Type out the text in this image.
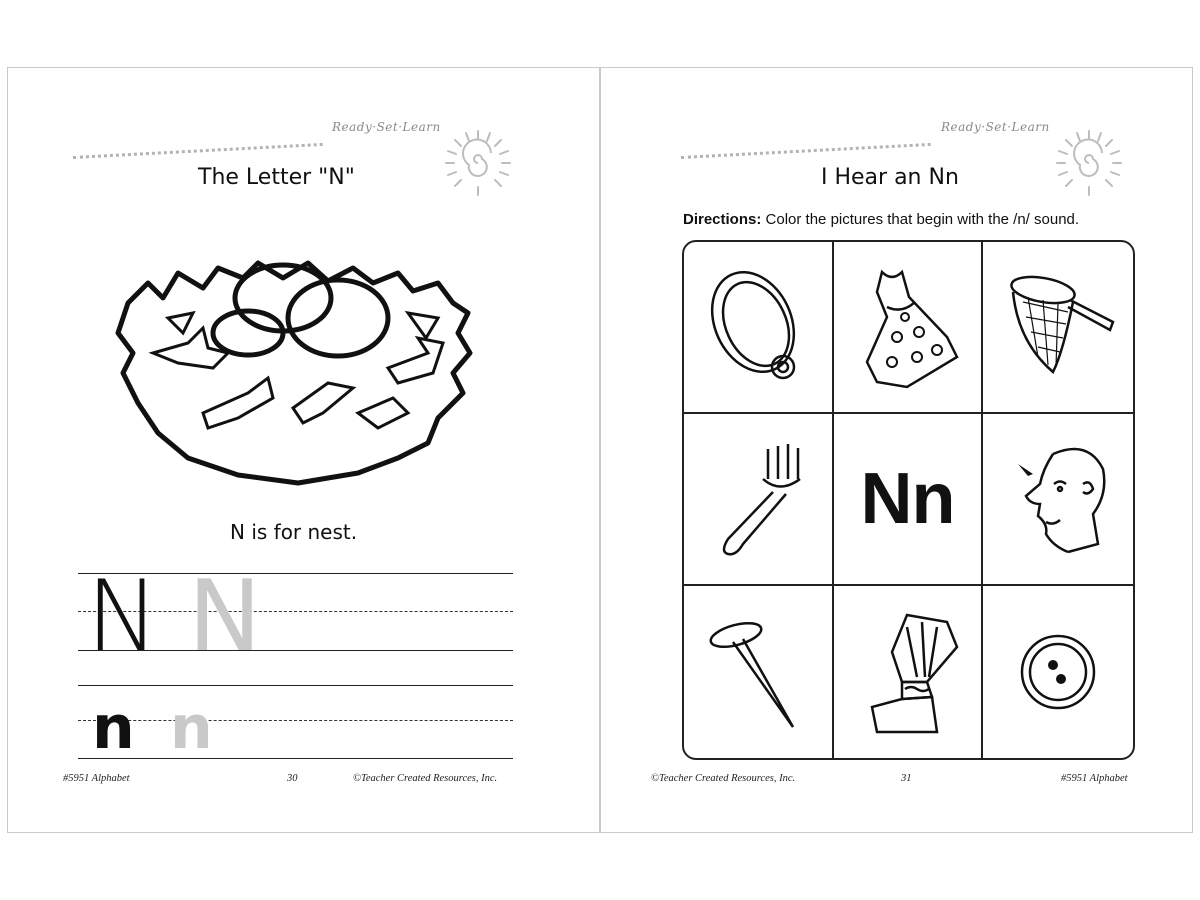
Ready·Set·Learn
The Letter "N"
N is for nest.
N N
n n
#5951 Alphabet	30	©Teacher Created Resources, Inc.
Ready·Set·Learn
I Hear an Nn
Directions: Color the pictures that begin with the /n/ sound.
Nn
©Teacher Created Resources, Inc.	31	#5951 Alphabet
